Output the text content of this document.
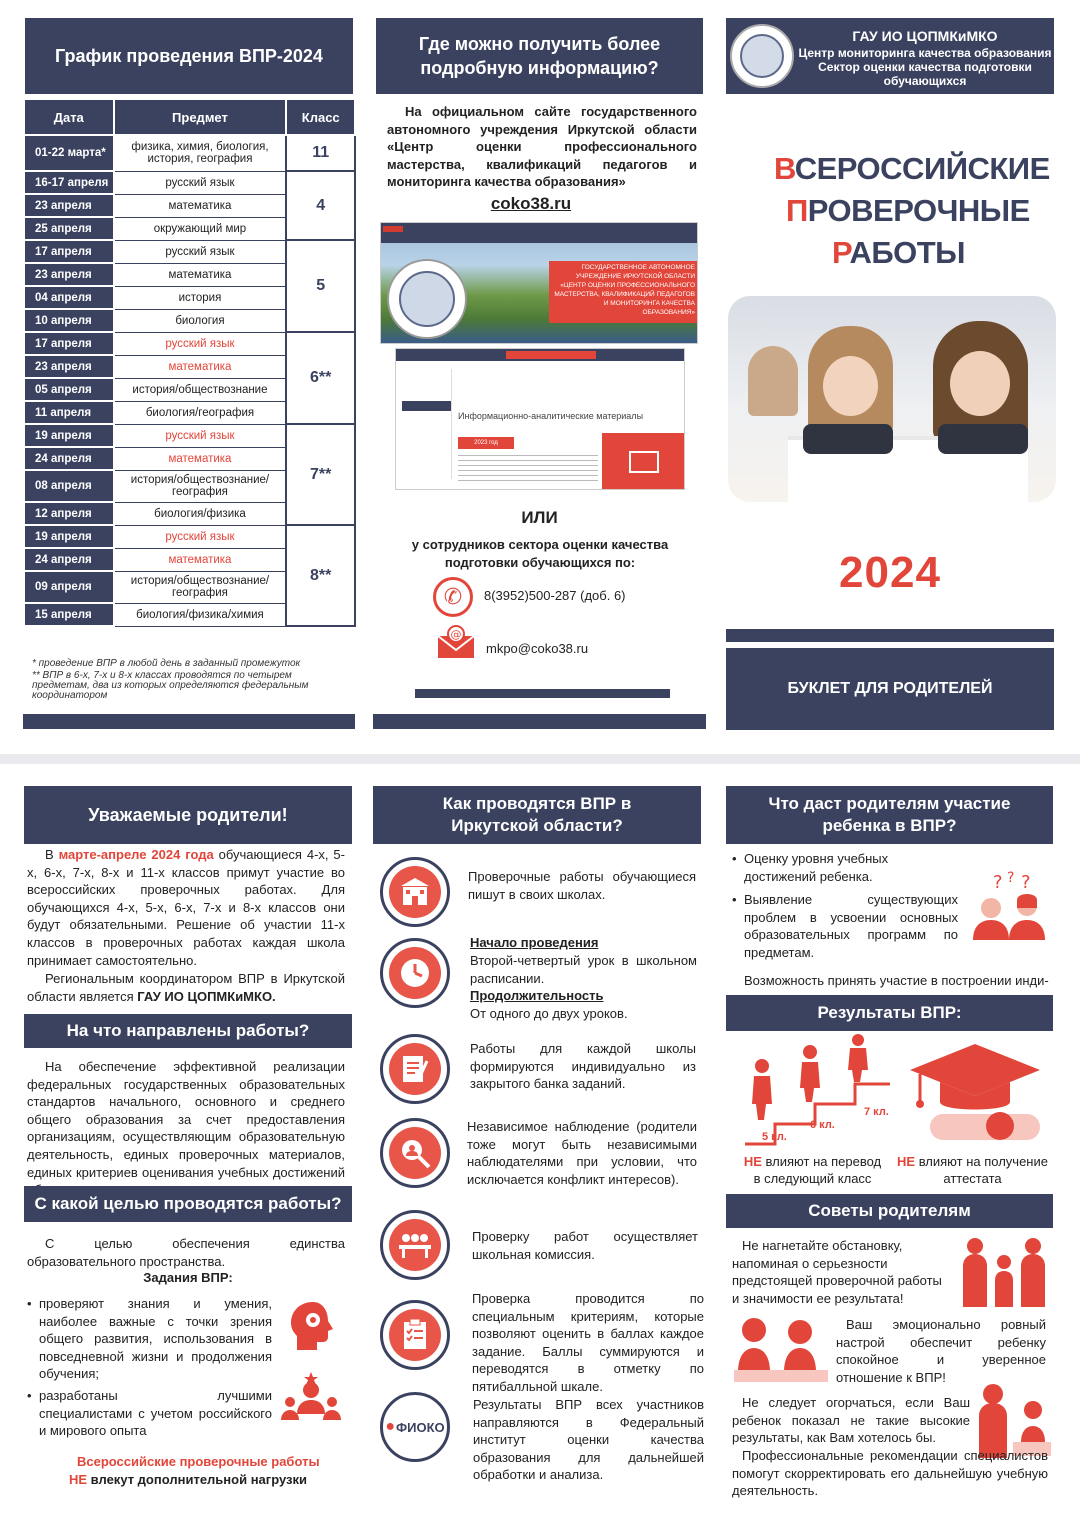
График проведения ВПР-2024
Дата	Предмет	Класс
01-22 марта*	физика, химия, биология, история, география	11
16-17 апреля	русский язык	4
23 апреля	математика	
25 апреля	окружающий мир	
17 апреля	русский язык	5
23 апреля	математика	
04 апреля	история	
10 апреля	биология	
17 апреля	русский язык	6**
23 апреля	математика	
05 апреля	история/обществознание	
11 апреля	биология/география	
19 апреля	русский язык	7**
24 апреля	математика	
08 апреля	история/обществознание/ география	
12 апреля	биология/физика	
19 апреля	русский язык	8**
24 апреля	математика	
09 апреля	история/обществознание/ география	
15 апреля	биология/физика/химия	
* проведение ВПР в любой день в заданный промежуток
** ВПР в 6-х, 7-х и 8-х классах проводятся по четырем предметам, два из которых определяются федеральным координатором
Где можно получить более подробную информацию?
На официальном сайте государственного автономного учреждения Иркутской области «Центр оценки профессионального мастерства, квалификаций педагогов и мониторинга качества образования»
coko38.ru
ГОСУДАРСТВЕННОЕ АВТОНОМНОЕ УЧРЕЖДЕНИЕ ИРКУТСКОЙ ОБЛАСТИ «ЦЕНТР ОЦЕНКИ ПРОФЕССИОНАЛЬНОГО МАСТЕРСТВА, КВАЛИФИКАЦИЙ ПЕДАГОГОВ И МОНИТОРИНГА КАЧЕСТВА ОБРАЗОВАНИЯ»
Информационно-аналитические материалы
2023 год
ИЛИ
у сотрудников сектора оценки качества подготовки обучающихся по:
✆	8(3952)500-287 (доб. 6)
@
mkpo@coko38.ru
ГАУ ИО ЦОПМКиМКО
Центр мониторинга качества образования
Сектор оценки качества подготовки обучающихся
ВСЕРОССИЙСКИЕ
ПРОВЕРОЧНЫЕ
РАБОТЫ
2024
БУКЛЕТ ДЛЯ РОДИТЕЛЕЙ
Уважаемые родители!
В марте-апреле 2024 года обучающиеся 4-х, 5-х, 6-х, 7-х, 8-х и 11-х классов примут участие во всероссийских проверочных работах. Для обучающихся 4-х, 5-х, 6-х, 7-х и 8-х классов они будут обязательными. Решение об участии 11-х классов в проверочных работах каждая школа принимает самостоятельно.
Региональным координатором ВПР в Иркутской области является ГАУ ИО ЦОПМКиМКО.
На что направлены работы?
На обеспечение эффективной реализации федеральных государственных образовательных стандартов начального, основного и среднего общего образования за счет предоставления организациям, осуществляющим образовательную деятельность, единых проверочных материалов, единых критериев оценивания учебных достижений
С какой целью проводятся работы?
С целью обеспечения единства образовательного пространства.
Задания ВПР:
• проверяют знания и умения, наиболее важные с точки зрения общего развития, использования в повседневной жизни и продолжения обучения;
• разработаны лучшими специалистами с учетом российского и мирового опыта
Всероссийские проверочные работы
НЕ влекут дополнительной нагрузки
Как проводятся ВПР в Иркутской области?
Проверочные работы обучающиеся пишут в своих школах.
Начало проведения
Второй-четвертый урок в школьном расписании.
Продолжительность
От одного до двух уроков.
Работы для каждой школы формируются индивидуально из закрытого банка заданий.
Независимое наблюдение (родители тоже могут быть независимыми наблюдателями при условии, что исключается конфликт интересов).
Проверку работ осуществляет школьная комиссия.
Проверка проводится по специальным критериям, которые позволяют оценить в баллах каждое задание. Баллы суммируются и переводятся в отметку по пятибалльной шкале.
● ФИОКО
Результаты ВПР всех участников направляются в Федеральный институт оценки качества образования для дальнейшей обработки и анализа.
Что даст родителям участие ребенка в ВПР?
• Оценку уровня учебных достижений ребенка.
• Выявление существующих проблем в усвоении основных образовательных программ по предметам.
Возможность принять участие в построении инди-
? ? ?
Результаты ВПР:
5 кл.
6 кл.
7 кл.
НЕ влияют на перевод в следующий класс
НЕ влияют на получение аттестата
Советы родителям
Не нагнетайте обстановку, напоминая о серьезности предстоящей проверочной работы и значимости ее результата!
Ваш эмоционально ровный настрой обеспечит ребенку спокойное и уверенное отношение к ВПР!
Не следует огорчаться, если Ваш ребенок показал не такие высокие результаты, как Вам хотелось бы.
Профессиональные рекомендации специалистов помогут скорректировать его дальнейшую учебную деятельность.
